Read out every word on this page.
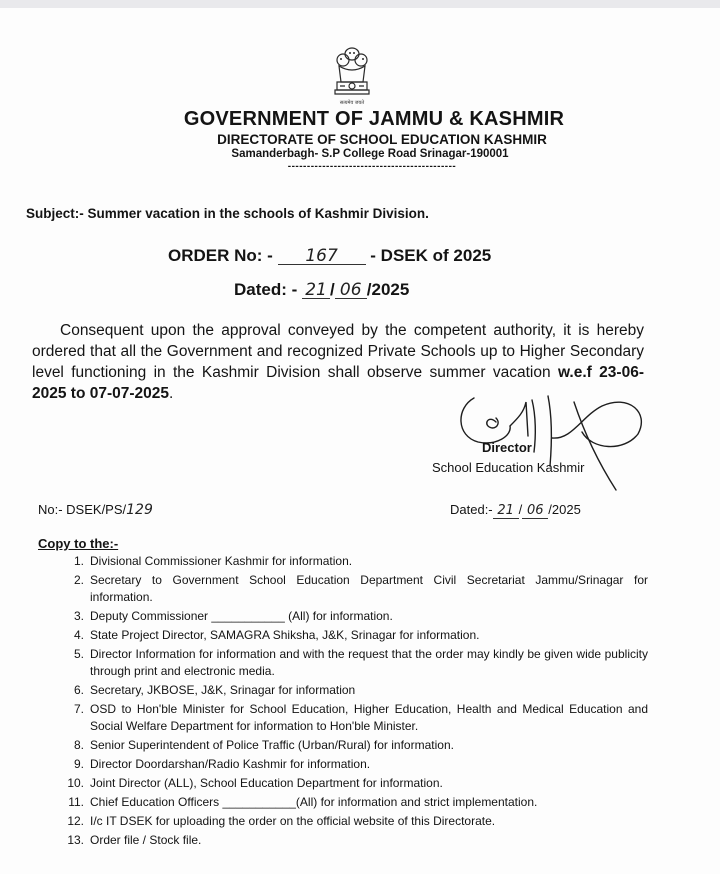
सत्यमेव जयते
GOVERNMENT OF JAMMU & KASHMIR
DIRECTORATE OF SCHOOL EDUCATION KASHMIR
Samanderbagh- S.P College Road Srinagar-190001
--------------------------------------------
Subject:- Summer vacation in the schools of Kashmir Division.
ORDER No: - 167 - DSEK of 2025
Dated: - 21 / 06 /2025
Consequent upon the approval conveyed by the competent authority, it is hereby ordered that all the Government and recognized Private Schools up to Higher Secondary level functioning in the Kashmir Division shall observe summer vacation w.e.f 23-06-2025 to 07-07-2025.
Director
School Education Kashmir
No:- DSEK/PS/129	Dated:- 21 / 06 /2025
Copy to the:-
1. Divisional Commissioner Kashmir for information.
2. Secretary to Government School Education Department Civil Secretariat Jammu/Srinagar for information.
3. Deputy Commissioner ___________ (All) for information.
4. State Project Director, SAMAGRA Shiksha, J&K, Srinagar for information.
5. Director Information for information and with the request that the order may kindly be given wide publicity through print and electronic media.
6. Secretary, JKBOSE, J&K, Srinagar for information
7. OSD to Hon'ble Minister for School Education, Higher Education, Health and Medical Education and Social Welfare Department for information to Hon'ble Minister.
8. Senior Superintendent of Police Traffic (Urban/Rural) for information.
9. Director Doordarshan/Radio Kashmir for information.
10. Joint Director (ALL), School Education Department for information.
11. Chief Education Officers ___________(All) for information and strict implementation.
12. I/c IT DSEK for uploading the order on the official website of this Directorate.
13. Order file / Stock file.
